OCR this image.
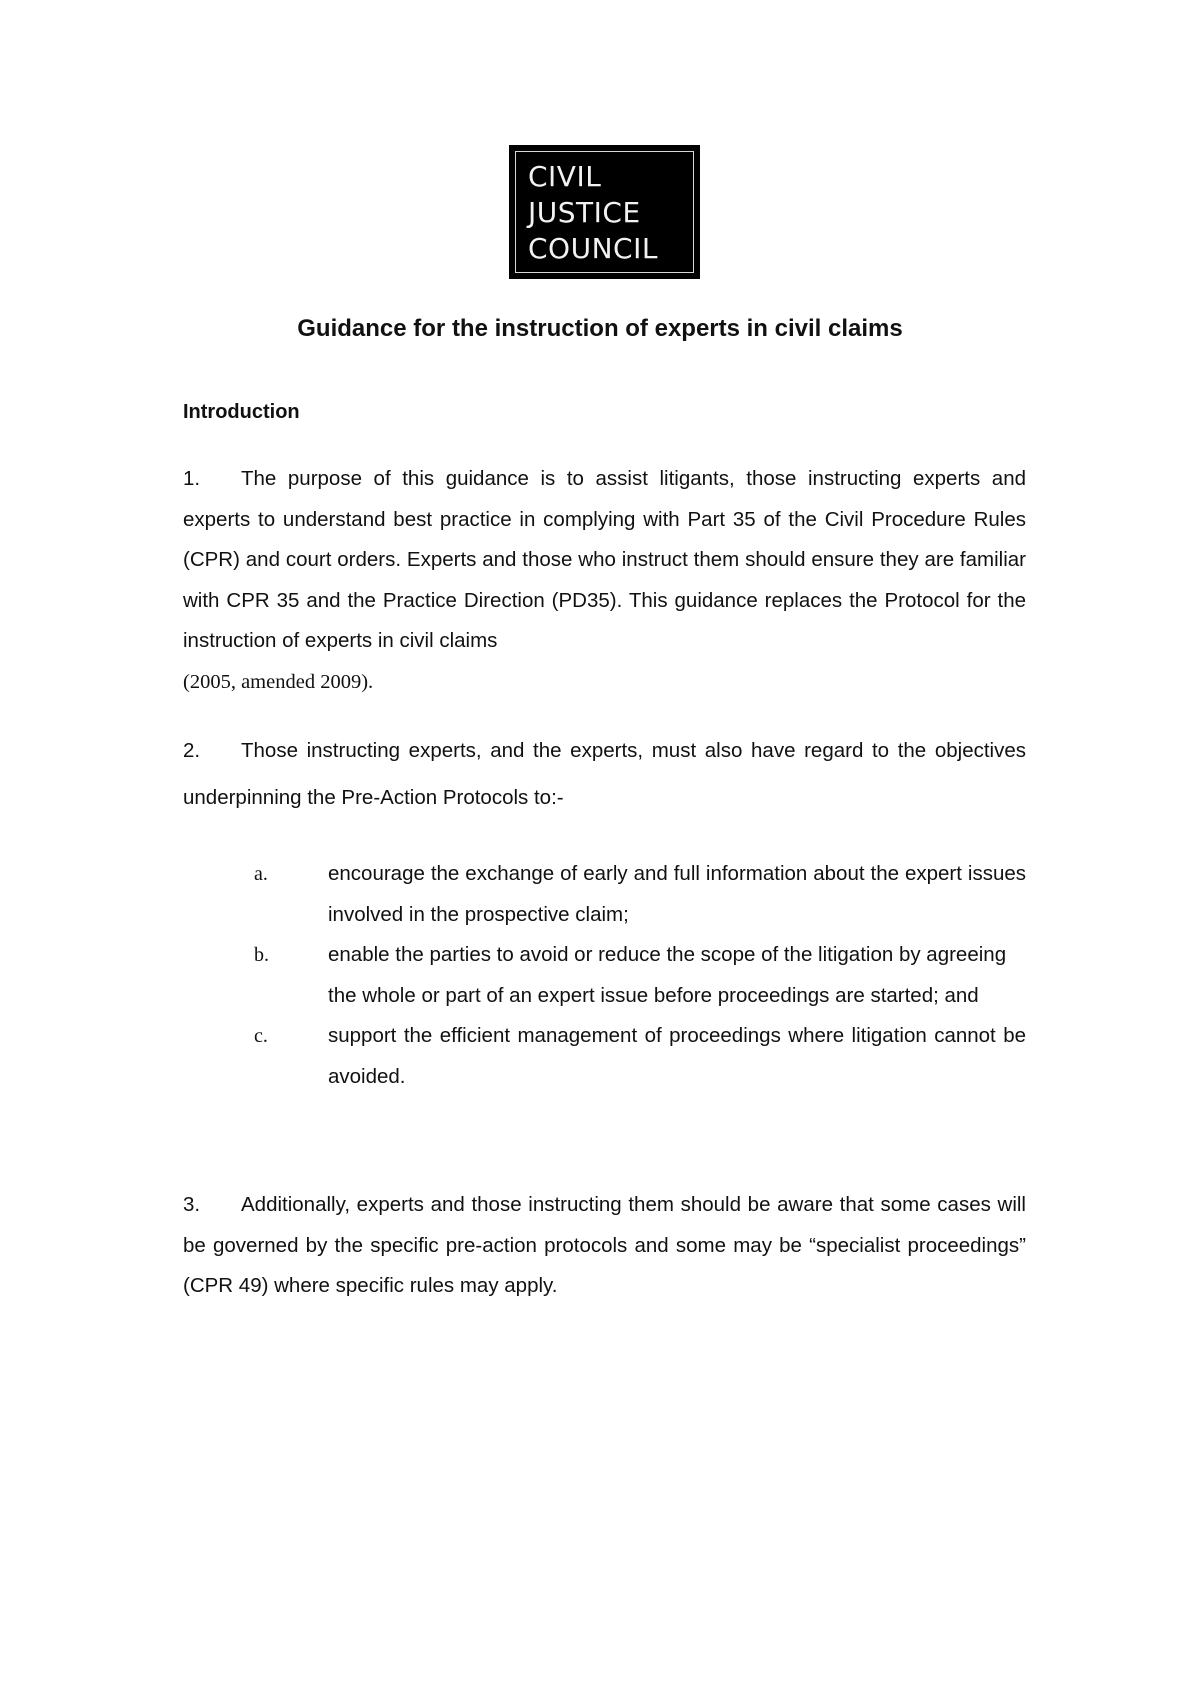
CIVIL
JUSTICE
COUNCIL
Guidance for the instruction of experts in civil claims
Introduction

1. The purpose of this guidance is to assist litigants, those instructing experts and experts to understand best practice in complying with Part 35 of the Civil Procedure Rules (CPR) and court orders. Experts and those who instruct them should ensure they are familiar with CPR 35 and the Practice Direction (PD35). This guidance replaces the Protocol for the instruction of experts in civil claims
(2005, amended 2009).

2. Those instructing experts, and the experts, must also have regard to the objectives underpinning the Pre-Action Protocols to:-

a.	encourage the exchange of early and full information about the expert issues involved in the prospective claim;
b.	enable the parties to avoid or reduce the scope of the litigation by agreeing the whole or part of an expert issue before proceedings are started; and
c.	support the efficient management of proceedings where litigation cannot be avoided.

3. Additionally, experts and those instructing them should be aware that some cases will be governed by the specific pre-action protocols and some may be “specialist proceedings” (CPR 49) where specific rules may apply.
